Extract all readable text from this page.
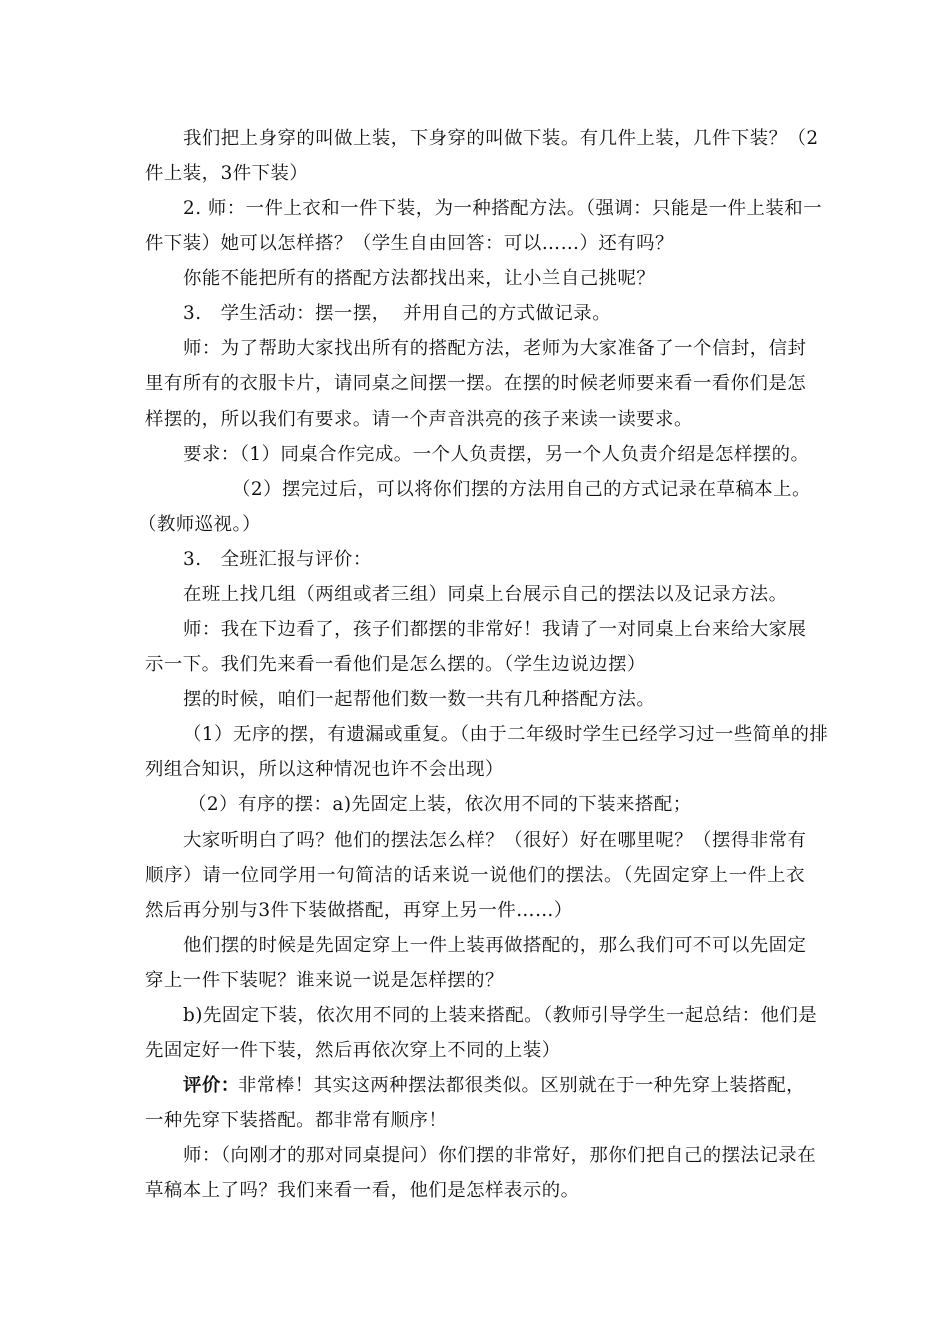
我们把上身穿的叫做上装，下身穿的叫做下装。有几件上装，几件下装？（2
件上装，3件下装）
2. 师：一件上衣和一件下装，为一种搭配方法。（强调：只能是一件上装和一
件下装）她可以怎样搭？（学生自由回答：可以……）还有吗？
你能不能把所有的搭配方法都找出来，让小兰自己挑呢？
3.   学生活动：摆一摆，  并用自己的方式做记录。
师：为了帮助大家找出所有的搭配方法，老师为大家准备了一个信封，信封
里有所有的衣服卡片，请同桌之间摆一摆。在摆的时候老师要来看一看你们是怎
样摆的，所以我们有要求。请一个声音洪亮的孩子来读一读要求。
要求：（1）同桌合作完成。一个人负责摆，另一个人负责介绍是怎样摆的。
（2）摆完过后，可以将你们摆的方法用自己的方式记录在草稿本上。
（教师巡视。）
3.   全班汇报与评价：
在班上找几组（两组或者三组）同桌上台展示自己的摆法以及记录方法。
师：我在下边看了，孩子们都摆的非常好！我请了一对同桌上台来给大家展
示一下。我们先来看一看他们是怎么摆的。（学生边说边摆）
摆的时候，咱们一起帮他们数一数一共有几种搭配方法。
（1）无序的摆，有遗漏或重复。（由于二年级时学生已经学习过一些简单的排
列组合知识，所以这种情况也许不会出现）
（2）有序的摆：a)先固定上装，依次用不同的下装来搭配；
大家听明白了吗？他们的摆法怎么样？（很好）好在哪里呢？（摆得非常有
顺序）请一位同学用一句简洁的话来说一说他们的摆法。（先固定穿上一件上衣
然后再分别与3件下装做搭配，再穿上另一件……）
他们摆的时候是先固定穿上一件上装再做搭配的，那么我们可不可以先固定
穿上一件下装呢？谁来说一说是怎样摆的？
b)先固定下装，依次用不同的上装来搭配。（教师引导学生一起总结：他们是
先固定好一件下装，然后再依次穿上不同的上装）
评价：
非常棒！其实这两种摆法都很类似。区别就在于一种先穿上装搭配，
一种先穿下装搭配。都非常有顺序！
师：（向刚才的那对同桌提问）你们摆的非常好，那你们把自己的摆法记录在
草稿本上了吗？我们来看一看，他们是怎样表示的。
